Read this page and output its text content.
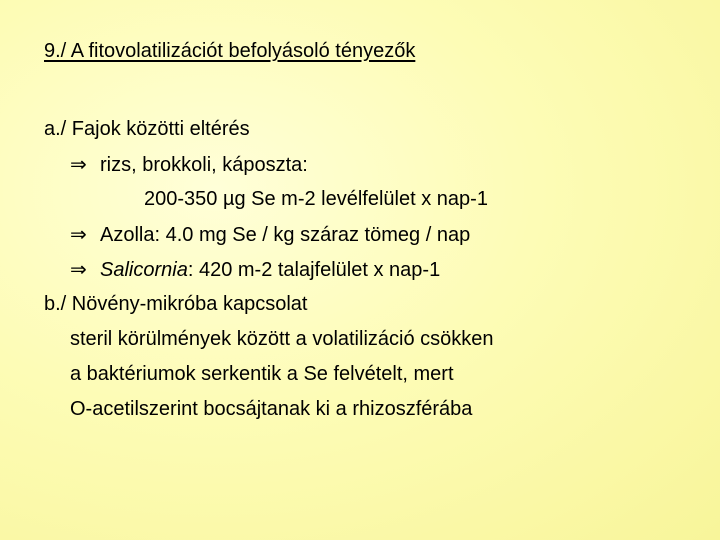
9./ A fitovolatilizációt befolyásoló tényezők
a./ Fajok közötti eltérés
⇒ rizs, brokkoli, káposzta:
200-350 µg Se m-2 levélfelület x nap-1
⇒ Azolla: 4.0 mg Se / kg száraz tömeg / nap
⇒ Salicornia: 420 m-2 talajfelület x nap-1
b./ Növény-mikróba kapcsolat
steril körülmények között a volatilizáció csökken
a baktériumok serkentik a Se felvételt, mert
O-acetilszerint bocsájtanak ki a rhizoszférába
